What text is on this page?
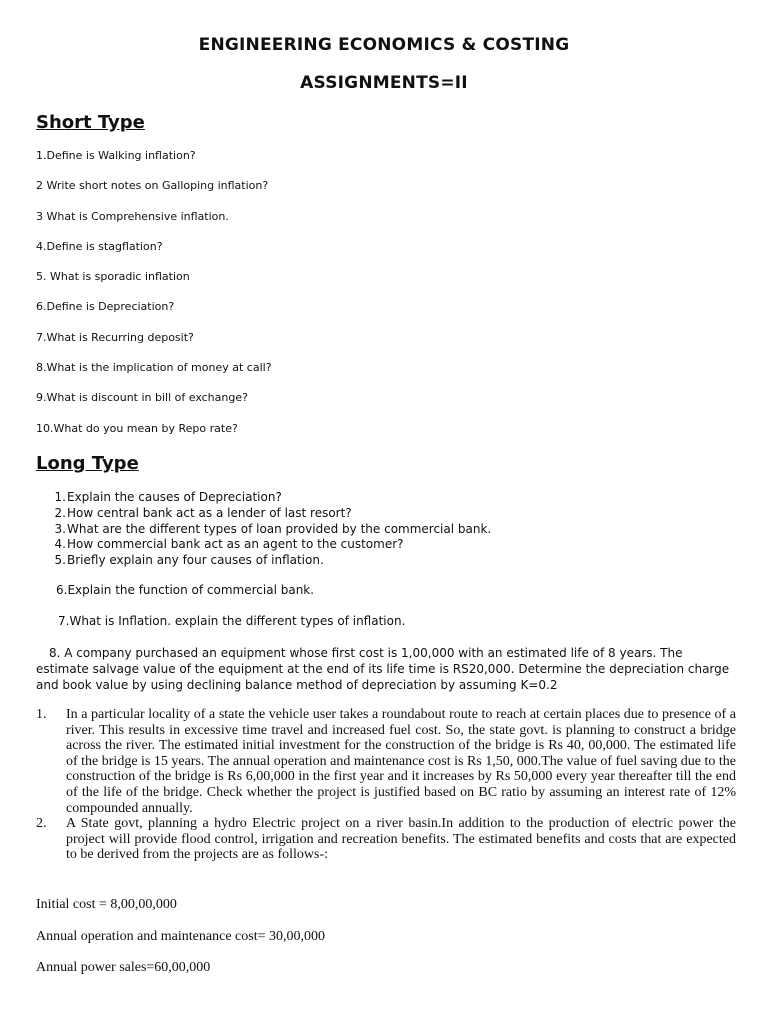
ENGINEERING ECONOMICS & COSTING
ASSIGNMENTS=II
Short Type
1.Define is Walking inflation?
2 Write short notes on Galloping inflation?
3 What is Comprehensive inflation.
4.Define is stagflation?
5. What is sporadic inflation
6.Define is Depreciation?
7.What is Recurring deposit?
8.What is the implication of money at call?
9.What is discount in bill of exchange?
10.What do you mean by Repo rate?
Long Type
1.Explain the causes of Depreciation?
2.How central bank act as a lender of last resort?
3.What are the different types of loan provided by the commercial bank.
4.How commercial bank act as an agent to the customer?
5.Briefly explain any four causes of inflation.
6.Explain the function of commercial bank.
7.What is Inflation. explain the different types of inflation.
8. A company purchased an equipment whose first cost is 1,00,000 with an estimated life of 8 years. The estimate salvage value of the equipment at the end of its life time is RS20,000. Determine the depreciation charge and book value by using declining balance method of depreciation by assuming K=0.2
1.	In a particular locality of a state the vehicle user takes a roundabout route to reach at certain places due to presence of a river. This results in excessive time travel and increased fuel cost. So, the state govt. is planning to construct a bridge across the river. The estimated initial investment for the construction of the bridge is Rs 40, 00,000. The estimated life of the bridge is 15 years. The annual operation and maintenance cost is Rs 1,50, 000.The value of fuel saving due to the construction of the bridge is Rs 6,00,000 in the first year and it increases by Rs 50,000 every year thereafter till the end of the life of the bridge. Check whether the project is justified based on BC ratio by assuming an interest rate of 12% compounded annually.
2.	A State govt, planning a hydro Electric project on a river basin.In addition to the production of electric power the project will provide flood control, irrigation and recreation benefits. The estimated benefits and costs that are expected to be derived from the projects are as follows-:
Initial cost = 8,00,00,000
Annual operation and maintenance cost= 30,00,000
Annual power sales=60,00,000
